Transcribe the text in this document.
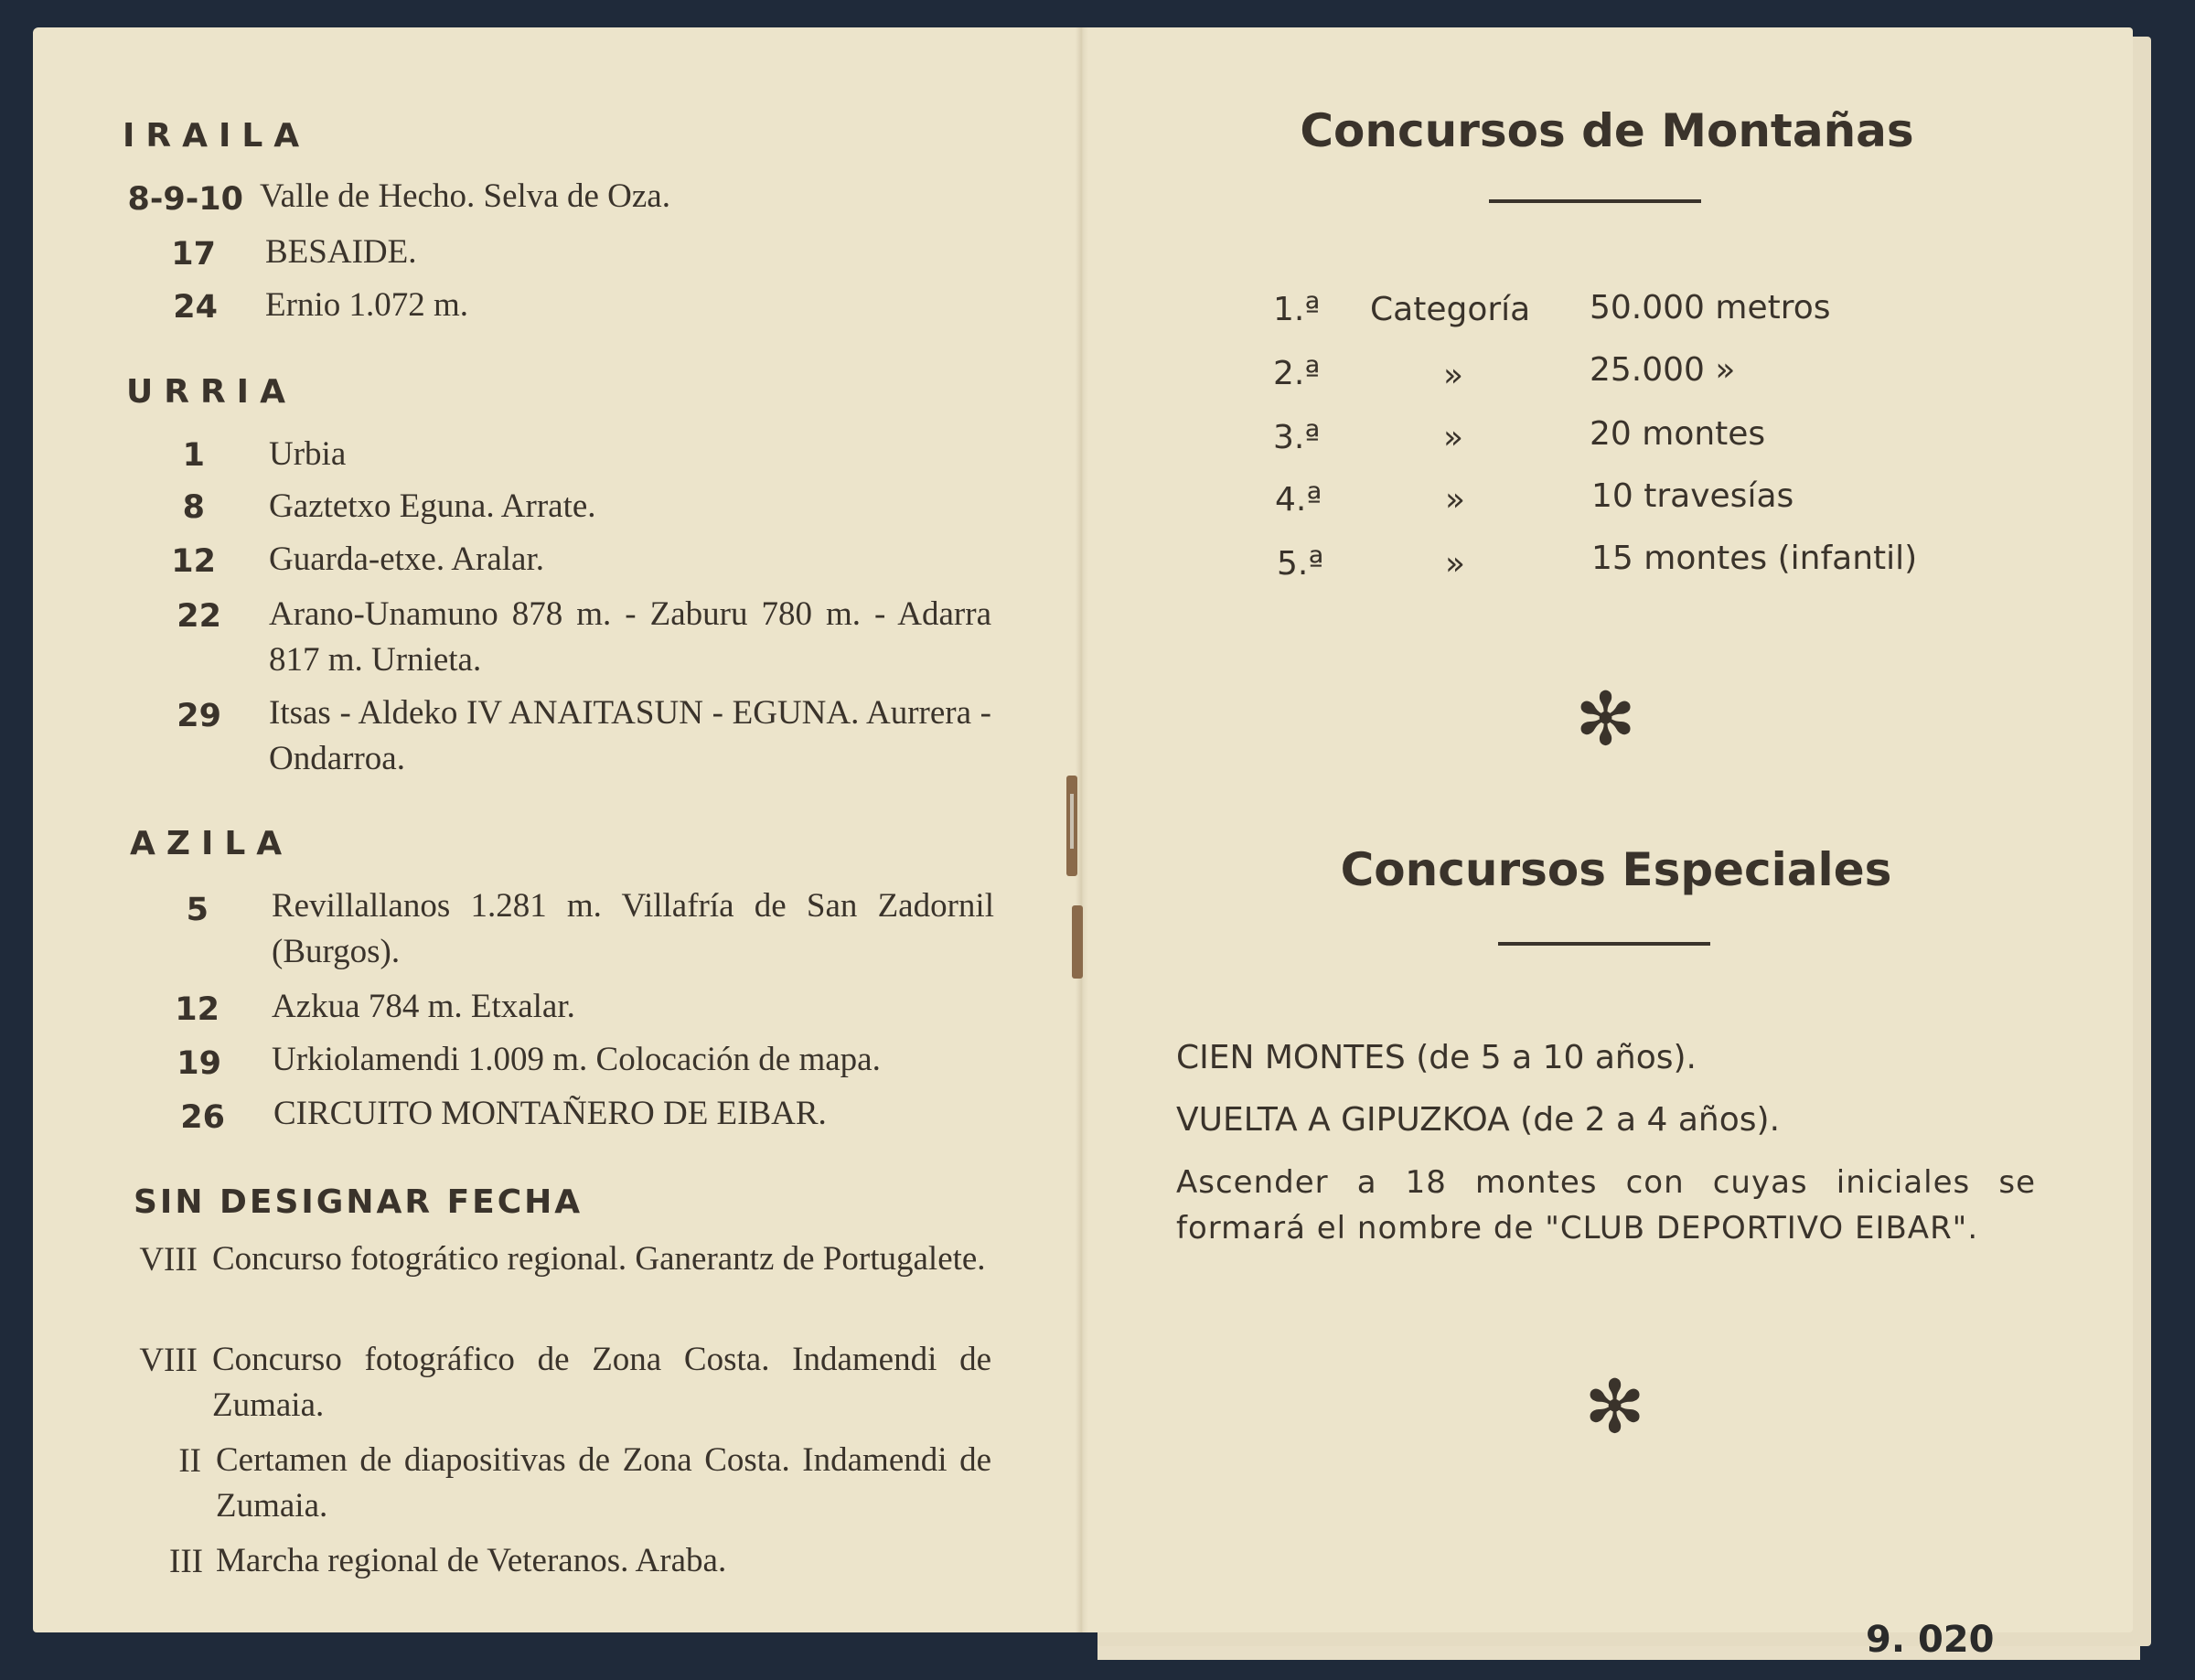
IRAILA
8-9-10 Valle de Hecho. Selva de Oza.
17 BESAIDE.
24 Ernio 1.072 m.
URRIA
1 Urbia
8 Gaztetxo Eguna. Arrate.
12 Guarda-etxe. Aralar.
22 Arano-Unamuno 878 m. - Zaburu 780 m. - Adarra 817 m. Urnieta.
29 Itsas - Aldeko IV ANAITASUN - EGUNA. Aurrera - Ondarroa.
AZILA
5 Revillallanos 1.281 m. Villafría de San Zadornil (Burgos).
12 Azkua 784 m. Etxalar.
19 Urkiolamendi 1.009 m. Colocación de mapa.
26 CIRCUITO MONTAÑERO DE EIBAR.
SIN DESIGNAR FECHA
VIII Concurso fotogrático regional. Ganerantz de Portugalete.
VIII Concurso fotográfico de Zona Costa. Indamendi de Zumaia.
II Certamen de diapositivas de Zona Costa. Indamendi de Zumaia.
III Marcha regional de Veteranos. Araba.
Concursos de Montañas
1.ª Categoría 50.000 metros
2.ª	»	25.000 »
3.ª	»	20 montes
4.ª	»	10 travesías
5.ª	»	15 montes (infantil)
✻
Concursos Especiales
CIEN MONTES (de 5 a 10 años).
VUELTA A GIPUZKOA (de 2 a 4 años).
Ascender a 18 montes con cuyas iniciales se formará el nombre de "CLUB DEPORTIVO EIBAR".
✻
9. 020
